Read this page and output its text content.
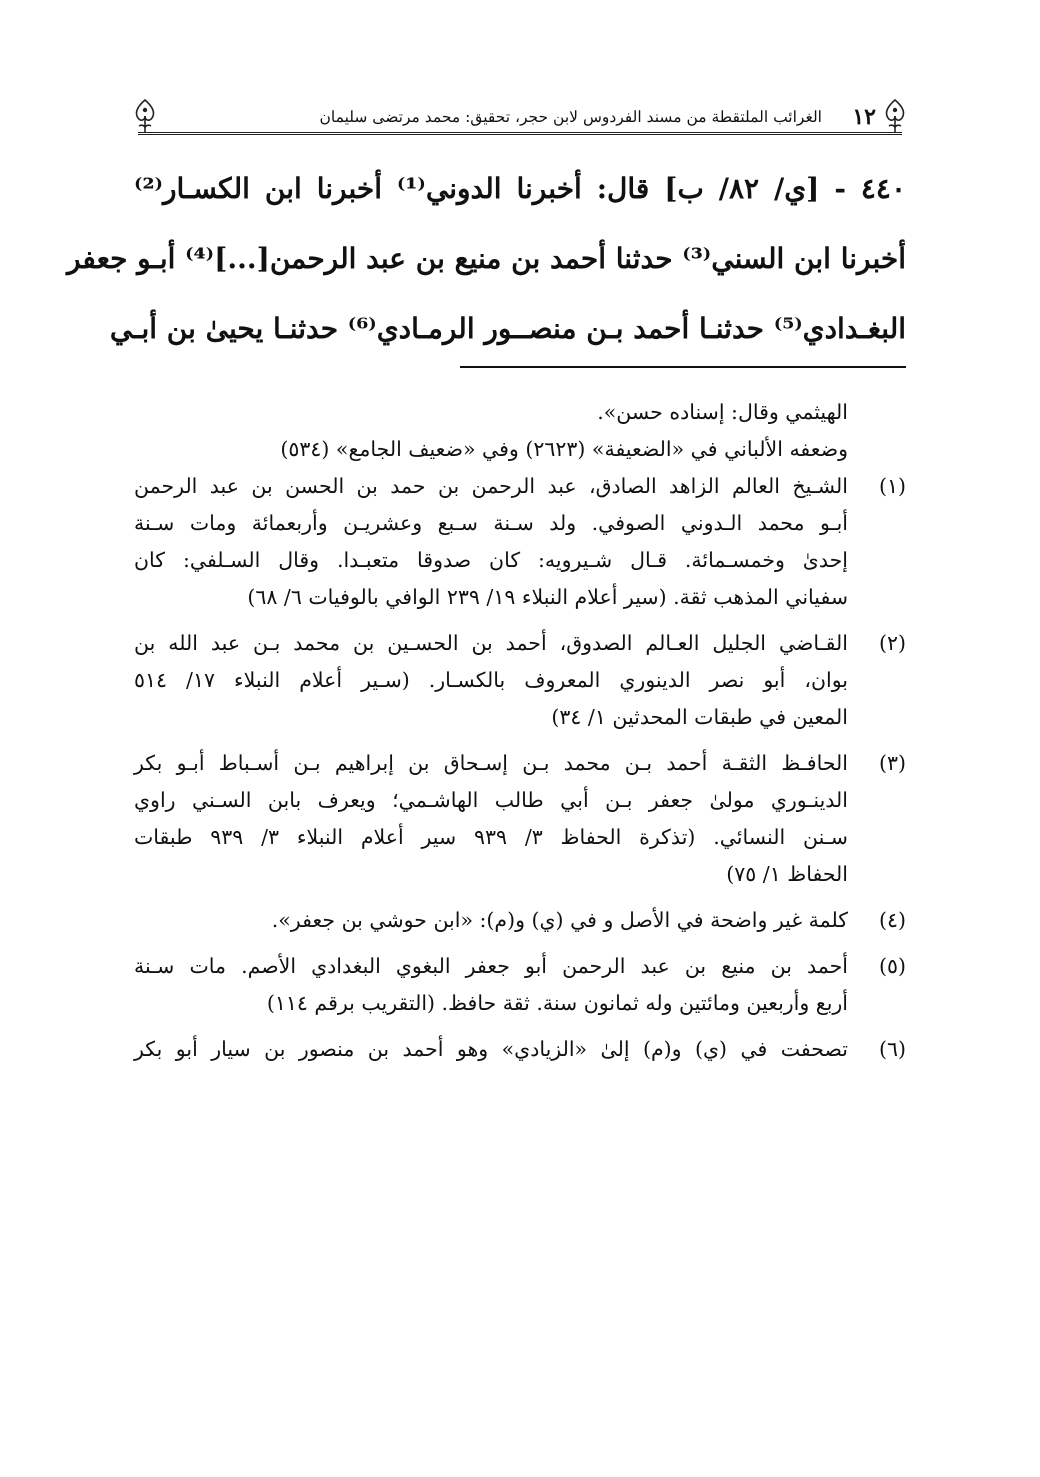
١٢
الغرائب الملتقطة من مسند الفردوس لابن حجر، تحقيق: محمد مرتضى سليمان
٤٤٠ - [ي/ ٨٢/ ب] قال: أخبرنا الدوني⁽¹⁾ أخبرنا ابن الكسـار⁽²⁾
أخبرنا ابن السني⁽³⁾ حدثنا أحمد بن منيع بن عبد الرحمن[...]⁽⁴⁾ أبـو جعفر
البغـدادي⁽⁵⁾ حدثنـا أحمد بـن منصــور الرمـادي⁽⁶⁾ حدثنـا يحيىٰ بن أبـي
الهيثمي وقال: إسناده حسن».
وضعفه الألباني في «الضعيفة» (٢٦٢٣) وفي «ضعيف الجامع» (٥٣٤)
(١)
الشـيخ العالم الزاهد الصادق، عبد الرحمن بن حمد بن الحسن بن عبد الرحمن
أبـو محمد الـدوني الصوفي. ولد سـنة سـبع وعشريـن وأربعمائة ومات سـنة
إحدىٰ وخمسـمائة. قـال شـيرويه: كان صدوقا متعبـدا. وقال السـلفي: كان
سفياني المذهب ثقة. (سير أعلام النبلاء ١٩/ ٢٣٩ الوافي بالوفيات ٦/ ٦٨)
(٢)
القـاضي الجليل العـالم الصدوق، أحمد بن الحسـين بن محمد بـن عبد الله بن
بوان، أبو نصر الدينوري المعروف بالكسـار. (سـير أعلام النبلاء ١٧/ ٥١٤
المعين في طبقات المحدثين ١/ ٣٤)
(٣)
الحافـظ الثقـة أحمد بـن محمد بـن إسـحاق بن إبراهيم بـن أسـباط أبـو بكر
الدينـوري مولىٰ جعفر بـن أبي طالب الهاشـمي؛ ويعرف بابن السـني راوي
سـنن النسائي. (تذكرة الحفاظ ٣/ ٩٣٩ سير أعلام النبلاء ٣/ ٩٣٩ طبقات
الحفاظ ١/ ٧٥)
(٤)
كلمة غير واضحة في الأصل و في (ي) و(م): «ابن حوشي بن جعفر».
(٥)
أحمد بن منيع بن عبد الرحمن أبو جعفر البغوي البغدادي الأصم. مات سـنة
أربع وأربعين ومائتين وله ثمانون سنة. ثقة حافظ. (التقريب برقم ١١٤)
(٦)
تصحفت في (ي) و(م) إلىٰ «الزيادي» وهو أحمد بن منصور بن سيار أبو بكر
